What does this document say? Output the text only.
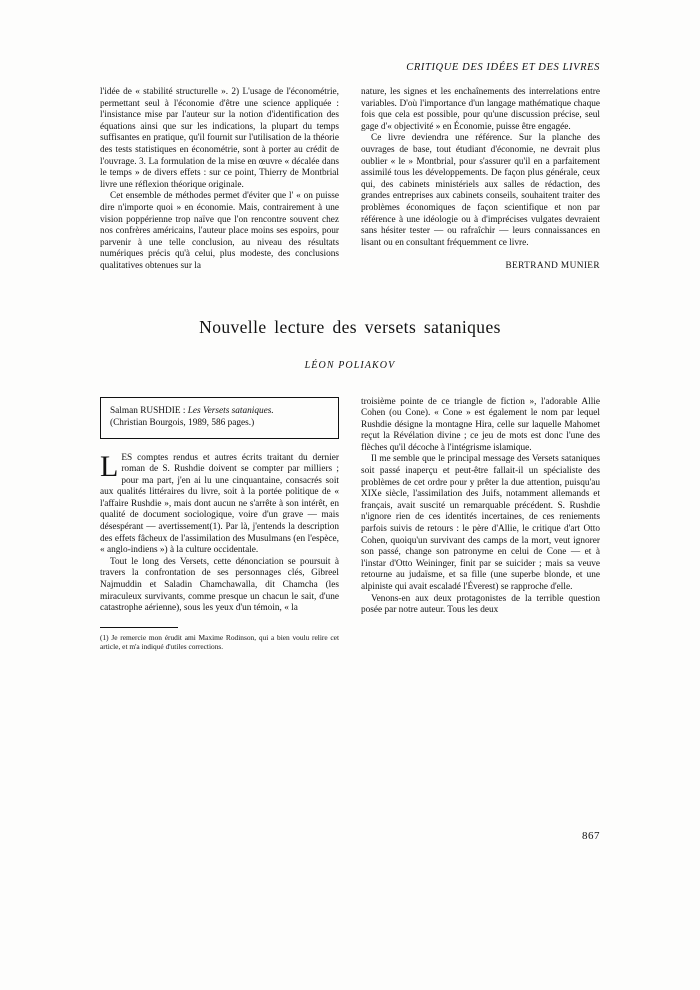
CRITIQUE DES IDÉES ET DES LIVRES

l'idée de « stabilité structurelle ». 2) L'usage de l'économétrie, permettant seul à l'économie d'être une science appliquée : l'insistance mise par l'auteur sur la notion d'identification des équations ainsi que sur les indications, la plupart du temps suffisantes en pratique, qu'il fournit sur l'utilisation de la théorie des tests statistiques en économétrie, sont à porter au crédit de l'ouvrage. 3. La formulation de la mise en œuvre « décalée dans le temps » de divers effets : sur ce point, Thierry de Montbrial livre une réflexion théorique originale.

Cet ensemble de méthodes permet d'éviter que l' « on puisse dire n'importe quoi » en économie. Mais, contrairement à une vision poppérienne trop naïve que l'on rencontre souvent chez nos confrères américains, l'auteur place moins ses espoirs, pour parvenir à une telle conclusion, au niveau des résultats numériques précis qu'à celui, plus modeste, des conclusions qualitatives obtenues sur la

nature, les signes et les enchaînements des interrelations entre variables. D'où l'importance d'un langage mathématique chaque fois que cela est possible, pour qu'une discussion précise, seul gage d'« objectivité » en Économie, puisse être engagée.

Ce livre deviendra une référence. Sur la planche des ouvrages de base, tout étudiant d'économie, ne devrait plus oublier « le » Montbrial, pour s'assurer qu'il en a parfaitement assimilé tous les développements. De façon plus générale, ceux qui, des cabinets ministériels aux salles de rédaction, des grandes entreprises aux cabinets conseils, souhaitent traiter des problèmes économiques de façon scientifique et non par référence à une idéologie ou à d'imprécises vulgates devraient sans hésiter tester — ou rafraîchir — leurs connaissances en lisant ou en consultant fréquemment ce livre.

BERTRAND MUNIER
Nouvelle lecture des versets sataniques
LÉON POLIAKOV
Salman RUSHDIE : Les Versets sataniques.
(Christian Bourgois, 1989, 586 pages.)
LES comptes rendus et autres écrits traitant du dernier roman de S. Rushdie doivent se compter par milliers ; pour ma part, j'en ai lu une cinquantaine, consacrés soit aux qualités littéraires du livre, soit à la portée politique de « l'affaire Rushdie », mais dont aucun ne s'arrête à son intérêt, en qualité de document sociologique, voire d'un grave — mais désespérant — avertissement(1). Par là, j'entends la description des effets fâcheux de l'assimilation des Musulmans (en l'espèce, « anglo-indiens ») à la culture occidentale.

Tout le long des Versets, cette dénonciation se poursuit à travers la confrontation de ses personnages clés, Gibreel Najmuddin et Saladin Chamchawalla, dit Chamcha (les miraculeux survivants, comme presque un chacun le sait, d'une catastrophe aérienne), sous les yeux d'un témoin, « la

(1) Je remercie mon érudit ami Maxime Rodinson, qui a bien voulu relire cet article, et m'a indiqué d'utiles corrections.

troisième pointe de ce triangle de fiction », l'adorable Allie Cohen (ou Cone). « Cone » est également le nom par lequel Rushdie désigne la montagne Hira, celle sur laquelle Mahomet reçut la Révélation divine ; ce jeu de mots est donc l'une des flèches qu'il décoche à l'intégrisme islamique.

Il me semble que le principal message des Versets sataniques soit passé inaperçu et peut-être fallait-il un spécialiste des problèmes de cet ordre pour y prêter la due attention, puisqu'au XIXe siècle, l'assimilation des Juifs, notamment allemands et français, avait suscité un remarquable précédent. S. Rushdie n'ignore rien de ces identités incertaines, de ces reniements parfois suivis de retours : le père d'Allie, le critique d'art Otto Cohen, quoiqu'un survivant des camps de la mort, veut ignorer son passé, change son patronyme en celui de Cone — et à l'instar d'Otto Weininger, finit par se suicider ; mais sa veuve retourne au judaïsme, et sa fille (une superbe blonde, et une alpiniste qui avait escaladé l'Éverest) se rapproche d'elle.

Venons-en aux deux protagonistes de la terrible question posée par notre auteur. Tous les deux

867
